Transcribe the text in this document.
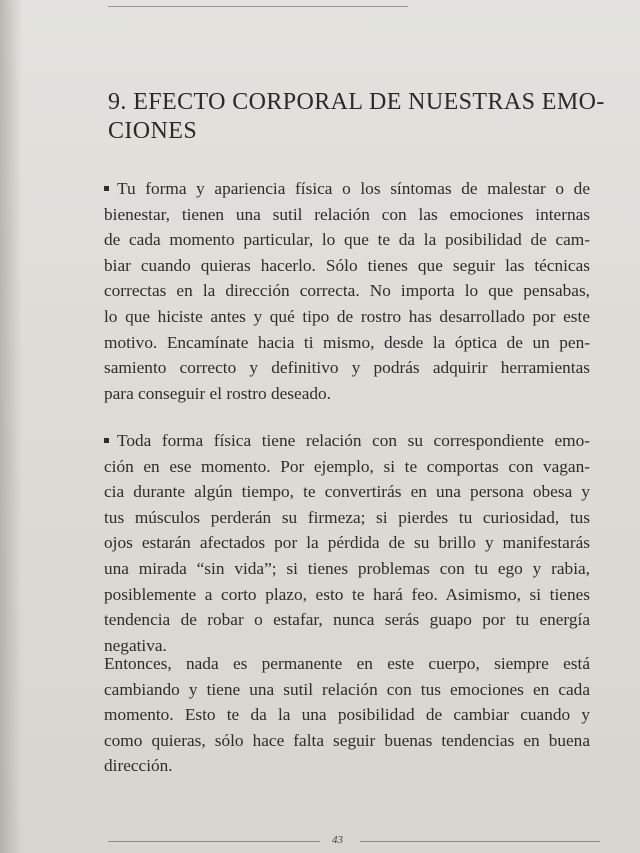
9. EFECTO CORPORAL DE NUESTRAS EMO-
CIONES
Tu forma y apariencia física o los síntomas de malestar o de
bienestar, tienen una sutil relación con las emociones internas
de cada momento particular, lo que te da la posibilidad de cam-
biar cuando quieras hacerlo. Sólo tienes que seguir las técnicas
correctas en la dirección correcta. No importa lo que pensabas,
lo que hiciste antes y qué tipo de rostro has desarrollado por este
motivo. Encamínate hacia ti mismo, desde la óptica de un pen-
samiento correcto y definitivo y podrás adquirir herramientas
para conseguir el rostro deseado.
Toda forma física tiene relación con su correspondiente emo-
ción en ese momento. Por ejemplo, si te comportas con vagan-
cia durante algún tiempo, te convertirás en una persona obesa y
tus músculos perderán su firmeza; si pierdes tu curiosidad, tus
ojos estarán afectados por la pérdida de su brillo y manifestarás
una mirada “sin vida”; si tienes problemas con tu ego y rabia,
posiblemente a corto plazo, esto te hará feo. Asimismo, si tienes
tendencia de robar o estafar, nunca serás guapo por tu energía
negativa.
Entonces, nada es permanente en este cuerpo, siempre está
cambiando y tiene una sutil relación con tus emociones en cada
momento. Esto te da la una posibilidad de cambiar cuando y
como quieras, sólo hace falta seguir buenas tendencias en buena
dirección.
43
